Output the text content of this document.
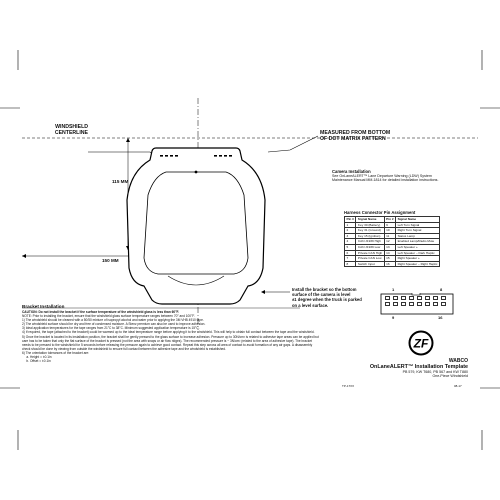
WINDSHIELD
CENTERLINE	MEASURED FROM BOTTOM
OF DOT MATRIX PATTERN
115 MM
150 MM
Install the bracket so the bottom
surface of the camera is level
±1 degree when the truck is parked
on a level surface.
Camera Installation
See OnLaneALERT™ Lane Departure Warning (LDW) System Maintenance Manual MM-1814 for detailed installation instructions.
Harness Connector Pin Assignment
Pin #	Signal Name	Pin #	Signal Name
1	Key 30 (Battery)	9	Left Turn Signal
2	Key 31 (Ground)	10	Right Turn Signal
3	Key 15 (Ignition)	11	Status Lamp
4	CAN J1939 High	12	Enabled Lamp/Radio Mute
5	CAN J1939 Low	13	Left Speaker +
6	Private CAN High	14	Left Speaker – Dark Haptic
7	Private CAN Low	15	Right Speaker +
8	Switch Input	16	Right Speaker – Right Haptic
1	8
9	16
Bracket Installation

CAUTION: Do not install the bracket if the surface temperature of the windshield glass is less than 60°F.

NOTE: Prior to installing the bracket, ensure that the windshield glass surface temperature ranges between 70° and 100°F.

1) The windshield should be cleaned with a 50/50 mixture of isopropyl alcohol and water prior to applying the 3M VHB 4910 tape.

2) The windshield surface should be dry and free of condensed moisture. A Stenz premium can also be used to improve adhesion.

3) Ideal application temperatures for the tape ranges from 21°C to 38°C. Minimum suggested application temperature is 15°C.

4) If required, the tape (attached to the bracket) could be warmed up to the ideal temperature range before applying it to the windshield. This will help to obtain full contact between the tape and the windshield.

5) Once the bracket is located in its installation position, the bracket shall be gently pressed to the glass surface to increase adhesion. Pressure up to 30N/cm² is related to adhesive tape areas can be applied but care has to be taken that only the flat surface of the bracket is pressed (not the area with snaps or air flow ridges). The recommended pressure is ~ 3N/cm² (related to the area of adhesive tape). The bracket needs to be pressed to the windshield for 5 seconds before releasing the pressure again to achieve good contact. Repeat this step across all area of contact to avoid formation of any air gaps. A disassembly check should be done by viewing from outside the windshield to ensure full contact between the adhesive tape and the windshield is established.

6) The orientation tolerances of the bracket are:

a. Height = ±0.1in

b. Offset = ±0.1in

ZF
WABCO
OnLaneALERT™ Installation Template
PB 579, KW T680, PB 567 and KW T880
One-Piece Windshield
TP-17XX	08-17
